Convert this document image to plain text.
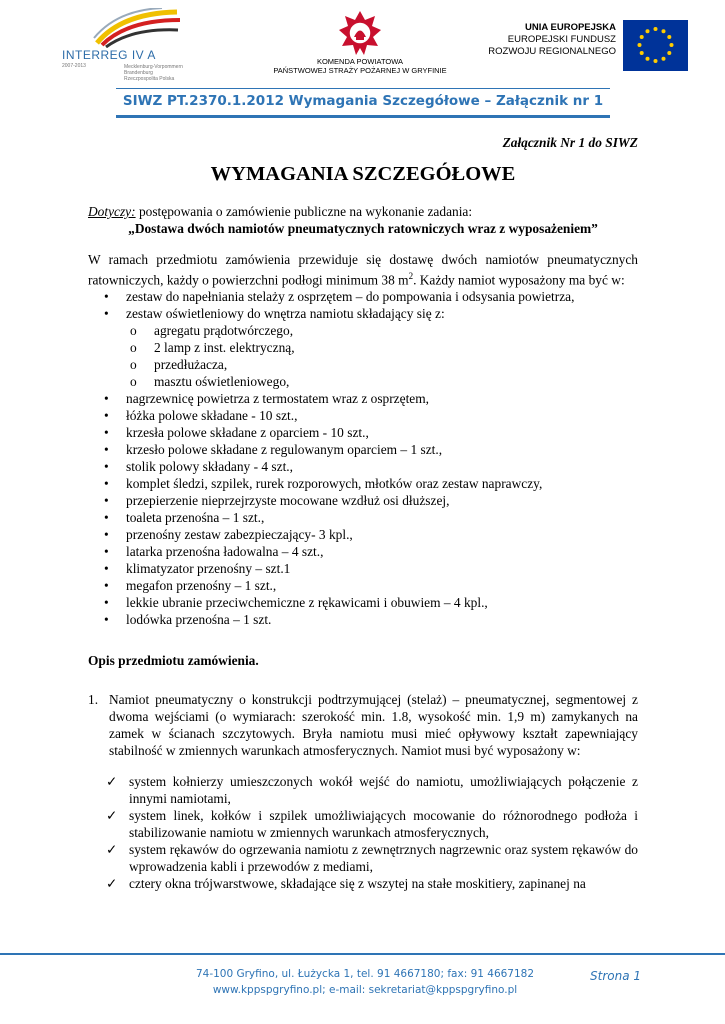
INTERREG IV A
2007-2013	Mecklenburg-Vorpommern
Brandenburg
Rzeczpospolita Polska
KOMENDA POWIATOWA
PAŃSTWOWEJ STRAŻY POŻARNEJ W GRYFINIE
UNIA EUROPEJSKA
EUROPEJSKI FUNDUSZ
ROZWOJU REGIONALNEGO
SIWZ PT.2370.1.2012 Wymagania Szczegółowe – Załącznik nr 1
Załącznik Nr 1 do SIWZ
WYMAGANIA SZCZEGÓŁOWE
Dotyczy: postępowania o zamówienie publiczne na wykonanie zadania:
„Dostawa dwóch namiotów pneumatycznych ratowniczych wraz z wyposażeniem”
W ramach przedmiotu zamówienia przewiduje się dostawę dwóch namiotów pneumatycznych ratowniczych, każdy o powierzchni podłogi minimum 38 $m^2$. Każdy namiot wyposażony ma być w:
• zestaw do napełniania stelaży z osprzętem – do pompowania i odsysania powietrza,
• zestaw oświetleniowy do wnętrza namiotu składający się z:
o agregatu prądotwórczego,
o 2 lamp z inst. elektryczną,
o przedłużacza,
o masztu oświetleniowego,
• nagrzewnicę powietrza z termostatem wraz z osprzętem,
• łóżka polowe składane - 10 szt.,
• krzesła polowe składane z oparciem - 10 szt.,
• krzesło polowe składane z regulowanym oparciem – 1 szt.,
• stolik polowy składany - 4 szt.,
• komplet śledzi, szpilek, rurek rozporowych, młotków oraz zestaw naprawczy,
• przepierzenie nieprzejrzyste mocowane wzdłuż osi dłuższej,
• toaleta przenośna – 1 szt.,
• przenośny zestaw zabezpieczający- 3 kpl.,
• latarka przenośna ładowalna – 4 szt.,
• klimatyzator przenośny – szt.1
• megafon przenośny – 1 szt.,
• lekkie ubranie przeciwchemiczne z rękawicami i obuwiem – 4 kpl.,
• lodówka przenośna – 1 szt.
Opis przedmiotu zamówienia.
1. Namiot pneumatyczny o konstrukcji podtrzymującej (stelaż) – pneumatycznej, segmentowej z dwoma wejściami (o wymiarach: szerokość min. 1.8, wysokość min. 1,9 m) zamykanych na zamek w ścianach szczytowych. Bryła namiotu musi mieć opływowy kształt zapewniający stabilność w zmiennych warunkach atmosferycznych. Namiot musi być wyposażony w:
✓ system kołnierzy umieszczonych wokół wejść do namiotu, umożliwiających połączenie z innymi namiotami,
✓ system linek, kołków i szpilek umożliwiających mocowanie do różnorodnego podłoża i stabilizowanie namiotu w zmiennych warunkach atmosferycznych,
✓ system rękawów do ogrzewania namiotu z zewnętrznych nagrzewnic oraz system rękawów do wprowadzenia kabli i przewodów z mediami,
✓ cztery okna trójwarstwowe, składające się z wszytej na stałe moskitiery, zapinanej na
74-100 Gryfino, ul. Łużycka 1, tel. 91 4667180; fax: 91 4667182
www.kppspgryfino.pl; e-mail: sekretariat@kppspgryfino.pl
Strona 1
